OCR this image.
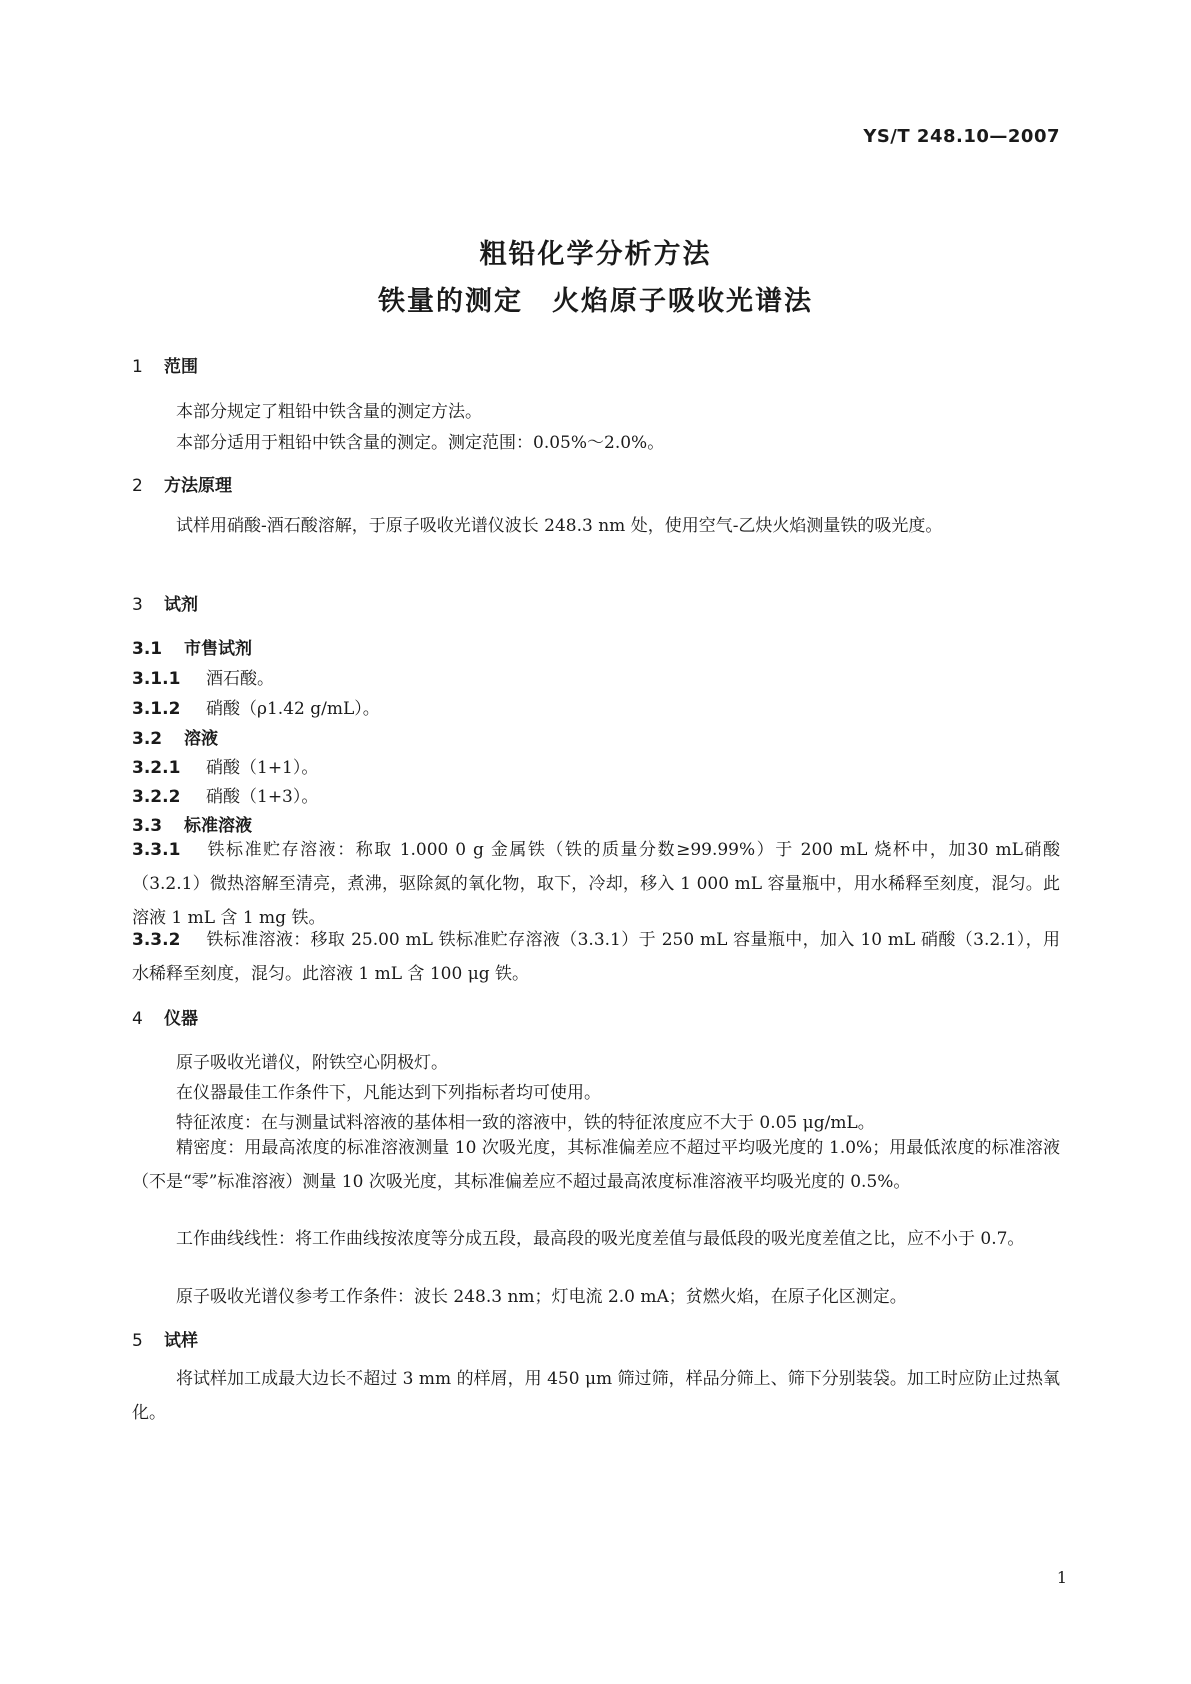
YS/T 248.10—2007
粗铅化学分析方法
铁量的测定　火焰原子吸收光谱法
1 范围
本部分规定了粗铅中铁含量的测定方法。
本部分适用于粗铅中铁含量的测定。测定范围：0.05%～2.0%。
2 方法原理
试样用硝酸-酒石酸溶解，于原子吸收光谱仪波长 248.3 nm 处，使用空气-乙炔火焰测量铁的吸光度。
3 试剂
3.1 市售试剂
3.1.1 酒石酸。
3.1.2 硝酸（ρ1.42 g/mL）。
3.2 溶液
3.2.1 硝酸（1+1）。
3.2.2 硝酸（1+3）。
3.3 标准溶液
3.3.1 铁标准贮存溶液：称取 1.000 0 g 金属铁（铁的质量分数≥99.99%）于 200 mL 烧杯中，加30 mL硝酸（3.2.1）微热溶解至清亮，煮沸，驱除氮的氧化物，取下，冷却，移入 1 000 mL 容量瓶中，用水稀释至刻度，混匀。此溶液 1 mL 含 1 mg 铁。
3.3.2 铁标准溶液：移取 25.00 mL 铁标准贮存溶液（3.3.1）于 250 mL 容量瓶中，加入 10 mL 硝酸（3.2.1），用水稀释至刻度，混匀。此溶液 1 mL 含 100 μg 铁。
4 仪器
原子吸收光谱仪，附铁空心阴极灯。
在仪器最佳工作条件下，凡能达到下列指标者均可使用。
特征浓度：在与测量试料溶液的基体相一致的溶液中，铁的特征浓度应不大于 0.05 μg/mL。
精密度：用最高浓度的标准溶液测量 10 次吸光度，其标准偏差应不超过平均吸光度的 1.0%；用最低浓度的标准溶液（不是“零”标准溶液）测量 10 次吸光度，其标准偏差应不超过最高浓度标准溶液平均吸光度的 0.5%。
工作曲线线性：将工作曲线按浓度等分成五段，最高段的吸光度差值与最低段的吸光度差值之比，应不小于 0.7。
原子吸收光谱仪参考工作条件：波长 248.3 nm；灯电流 2.0 mA；贫燃火焰，在原子化区测定。
5 试样
将试样加工成最大边长不超过 3 mm 的样屑，用 450 μm 筛过筛，样品分筛上、筛下分别装袋。加工时应防止过热氧化。
1
